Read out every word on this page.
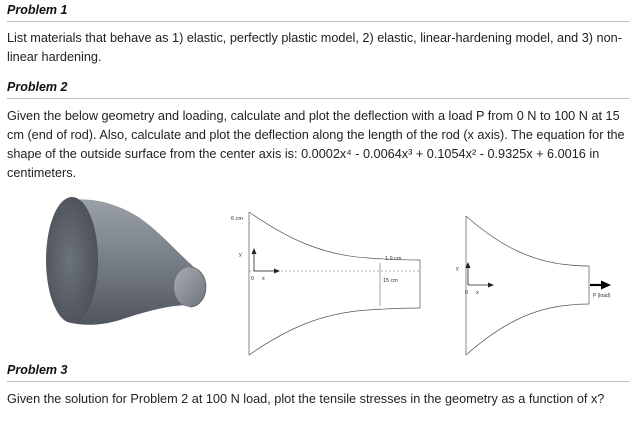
Problem 1
List materials that behave as 1) elastic, perfectly plastic model, 2) elastic, linear-hardening model, and 3) non-linear hardening.
Problem 2
Given the below geometry and loading, calculate and plot the deflection with a load P from 0 N to 100 N at 15 cm (end of rod). Also, calculate and plot the deflection along the length of the rod (x axis). The equation for the shape of the outside surface from the center axis is: 0.0002x⁴ - 0.0064x³ + 0.1054x² - 0.9325x + 6.0016 in centimeters.
6 cm
y
0 x
1.9 cm
15 cm
y
0 x	P (load)
Problem 3
Given the solution for Problem 2 at 100 N load, plot the tensile stresses in the geometry as a function of x?
